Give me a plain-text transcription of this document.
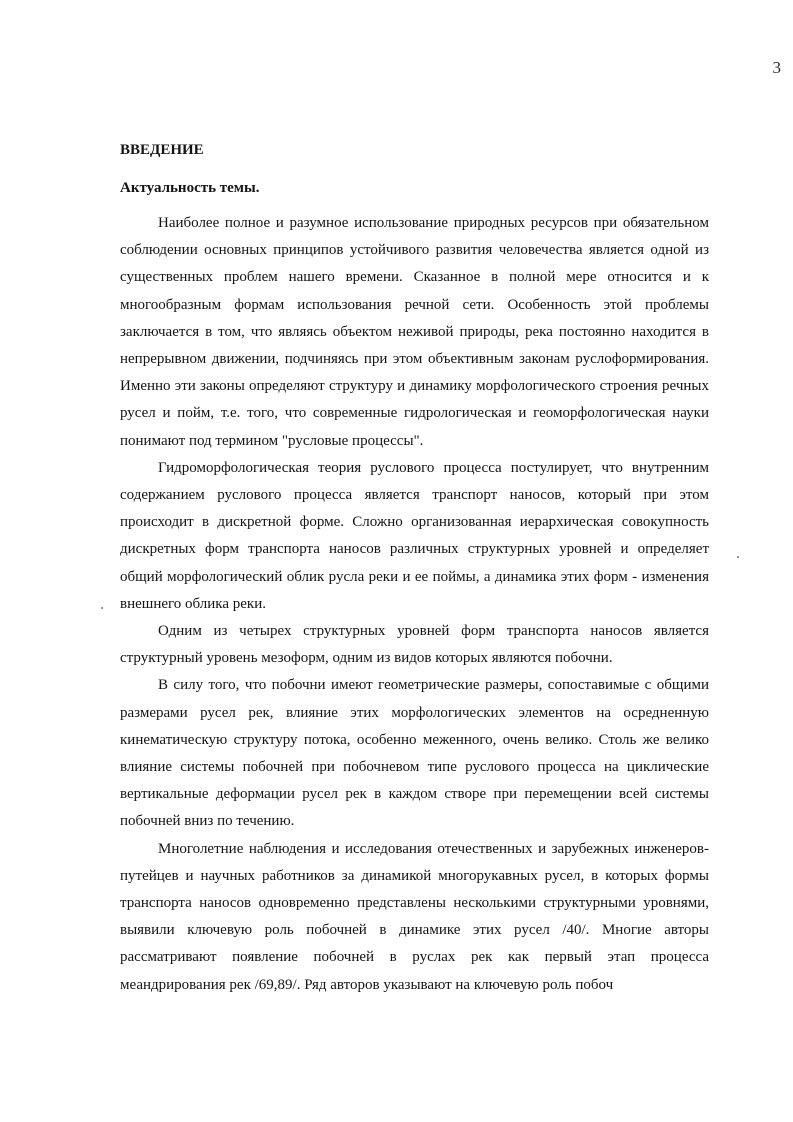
3

ВВЕДЕНИЕ

Актуальность темы.

Наиболее полное и разумное использование природных ресурсов при обязательном соблюдении основных принципов устойчивого развития человечества является одной из существенных проблем нашего времени. Сказанное в полной мере относится и к многообразным формам использования речной сети. Особенность этой проблемы заключается в том, что являясь объектом неживой природы, река постоянно находится в непрерывном движении, подчиняясь при этом объективным законам руслоформирования. Именно эти законы определяют структуру и динамику морфологического строения речных русел и пойм, т.е. того, что современные гидрологическая и геоморфологическая науки понимают под термином "русловые процессы".

Гидроморфологическая теория руслового процесса постулирует, что внутренним содержанием руслового процесса является транспорт наносов, который при этом происходит в дискретной форме. Сложно организованная иерархическая совокупность дискретных форм транспорта наносов различных структурных уровней и определяет общий морфологический облик русла реки и ее поймы, а динамика этих форм - изменения внешнего облика реки.

Одним из четырех структурных уровней форм транспорта наносов является структурный уровень мезоформ, одним из видов которых являются побочни.

В силу того, что побочни имеют геометрические размеры, сопоставимые с общими размерами русел рек, влияние этих морфологических элементов на осредненную кинематическую структуру потока, особенно меженного, очень велико. Столь же велико влияние системы побочней при побочневом типе руслового процесса на циклические вертикальные деформации русел рек в каждом створе при перемещении всей системы побочней вниз по течению.

Многолетние наблюдения и исследования отечественных и зарубежных инженеров-путейцев и научных работников за динамикой многорукавных русел, в которых формы транспорта наносов одновременно представлены несколькими структурными уровнями, выявили ключевую роль побочней в динамике этих русел /40/. Многие авторы рассматривают появление побочней в руслах рек как первый этап процесса меандрирования рек /69,89/. Ряд авторов указывают на ключевую роль побоч
